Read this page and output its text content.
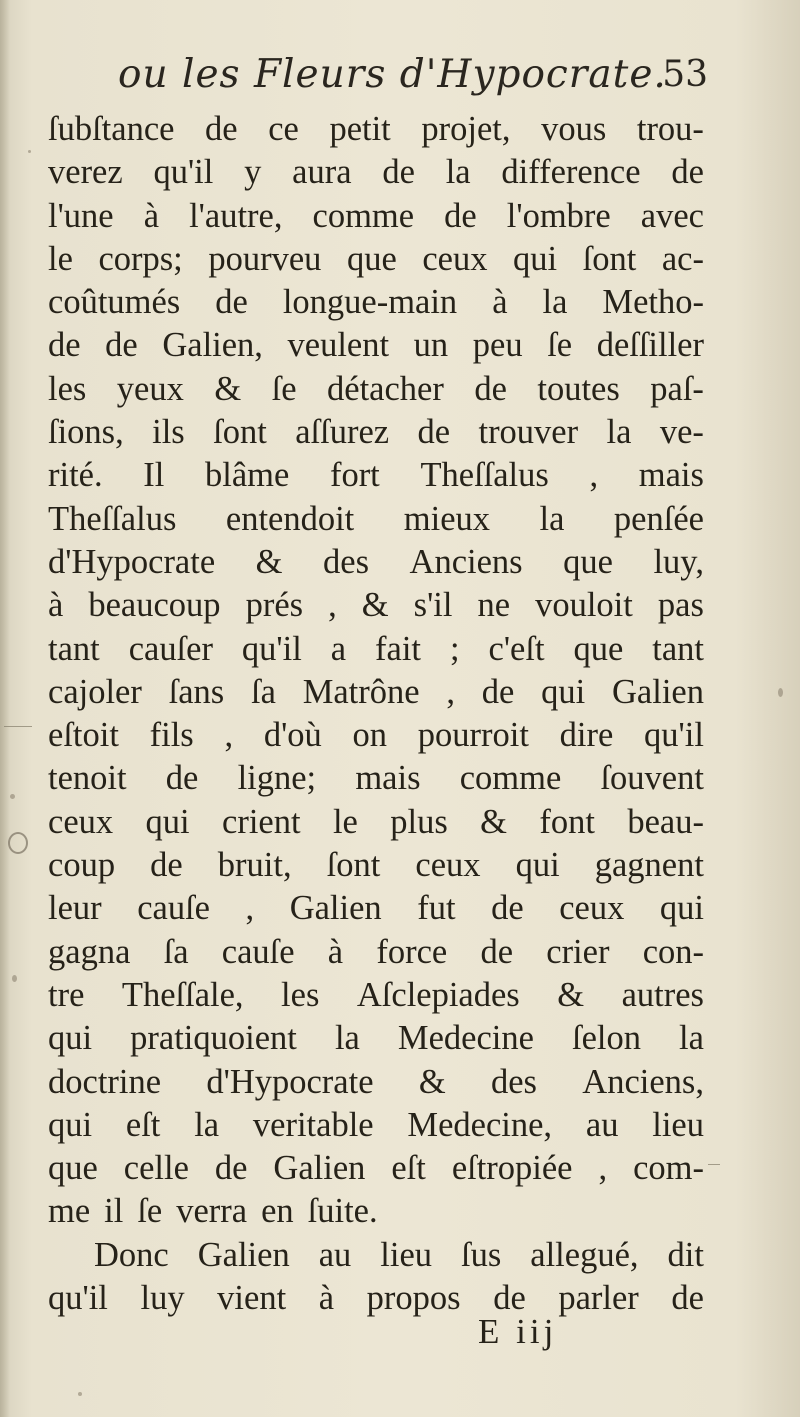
ou les Fleurs d'Hypocrate.
53
ſubſtance de ce petit projet, vous trou-
verez qu'il y aura de la difference de
l'une à l'autre, comme de l'ombre avec
le corps; pourveu que ceux qui ſont ac-
coûtumés de longue-main à la Metho-
de de Galien, veulent un peu ſe deſſiller
les yeux & ſe détacher de toutes paſ-
ſions, ils ſont aſſurez de trouver la ve-
rité. Il blâme fort Theſſalus , mais
Theſſalus entendoit mieux la penſée
d'Hypocrate & des Anciens que luy,
à beaucoup prés , & s'il ne vouloit pas
tant cauſer qu'il a fait ; c'eſt que tant
cajoler ſans ſa Matrône , de qui Galien
eſtoit fils , d'où on pourroit dire qu'il
tenoit de ligne; mais comme ſouvent
ceux qui crient le plus & font beau-
coup de bruit, ſont ceux qui gagnent
leur cauſe , Galien fut de ceux qui
gagna ſa cauſe à force de crier con-
tre Theſſale, les Aſclepiades & autres
qui pratiquoient la Medecine ſelon la
doctrine d'Hypocrate & des Anciens,
qui eſt la veritable Medecine, au lieu
que celle de Galien eſt eſtropiée , com-
me il ſe verra en ſuite.
Donc Galien au lieu ſus allegué, dit
qu'il luy vient à propos de parler de
E iij
